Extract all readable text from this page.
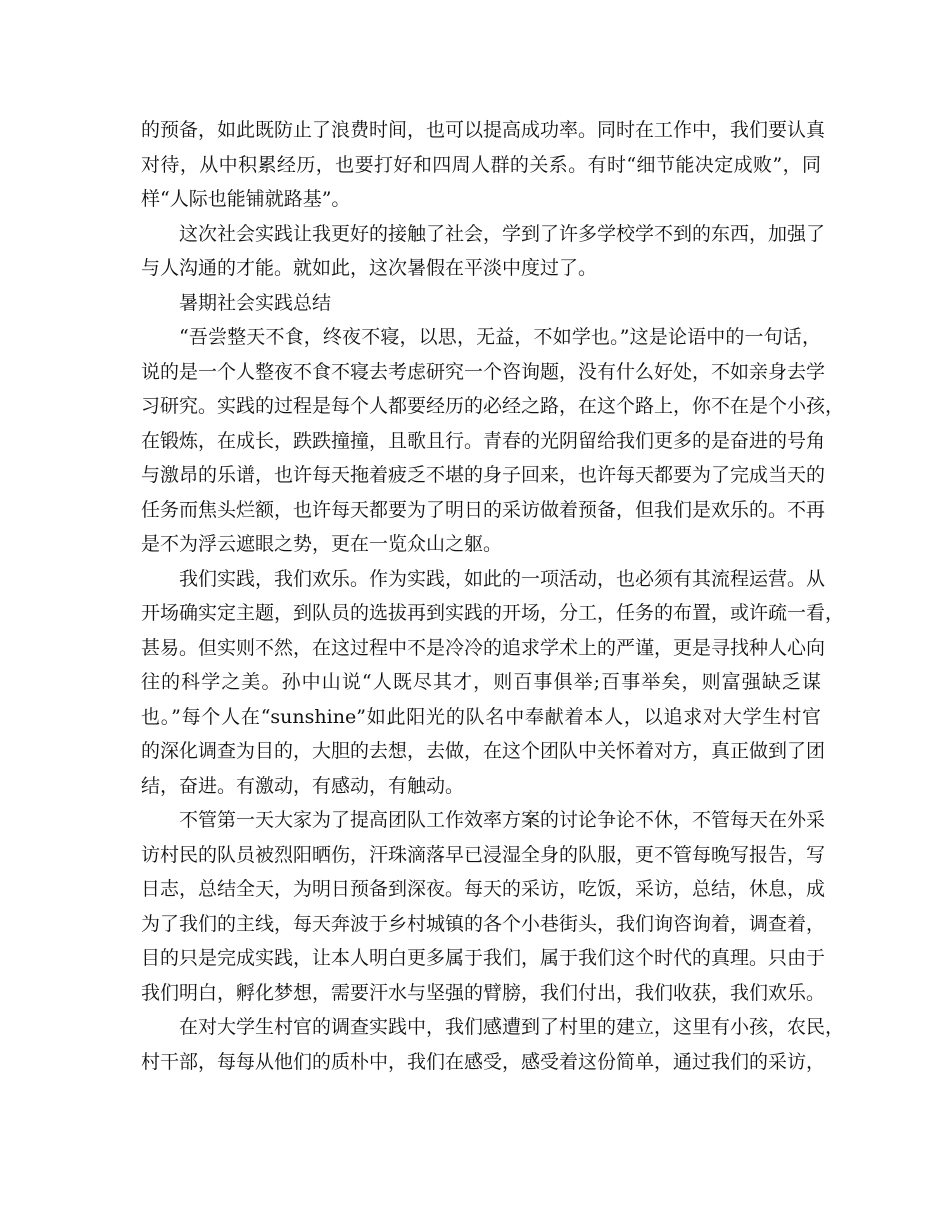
的预备，如此既防止了浪费时间，也可以提高成功率。同时在工作中，我们要认真
对待，从中积累经历，也要打好和四周人群的关系。有时“细节能决定成败”，同
样“人际也能铺就路基”。
这次社会实践让我更好的接触了社会，学到了许多学校学不到的东西，加强了
与人沟通的才能。就如此，这次暑假在平淡中度过了。
暑期社会实践总结
“吾尝整天不食，终夜不寝，以思，无益，不如学也。”这是论语中的一句话，
说的是一个人整夜不食不寝去考虑研究一个咨询题，没有什么好处，不如亲身去学
习研究。实践的过程是每个人都要经历的必经之路，在这个路上，你不在是个小孩，
在锻炼，在成长，跌跌撞撞，且歌且行。青春的光阴留给我们更多的是奋进的号角
与激昂的乐谱，也许每天拖着疲乏不堪的身子回来，也许每天都要为了完成当天的
任务而焦头烂额，也许每天都要为了明日的采访做着预备，但我们是欢乐的。不再
是不为浮云遮眼之势，更在一览众山之躯。
我们实践，我们欢乐。作为实践，如此的一项活动，也必须有其流程运营。从
开场确实定主题，到队员的选拔再到实践的开场，分工，任务的布置，或许疏一看，
甚易。但实则不然，在这过程中不是冷冷的追求学术上的严谨，更是寻找种人心向
往的科学之美。孙中山说“人既尽其才，则百事俱举;百事举矣，则富强缺乏谋
也。”每个人在“sunshine”如此阳光的队名中奉献着本人，以追求对大学生村官
的深化调查为目的，大胆的去想，去做，在这个团队中关怀着对方，真正做到了团
结，奋进。有激动，有感动，有触动。
不管第一天大家为了提高团队工作效率方案的讨论争论不休，不管每天在外采
访村民的队员被烈阳晒伤，汗珠滴落早已浸湿全身的队服，更不管每晚写报告，写
日志，总结全天，为明日预备到深夜。每天的采访，吃饭，采访，总结，休息，成
为了我们的主线，每天奔波于乡村城镇的各个小巷街头，我们询咨询着，调查着，
目的只是完成实践，让本人明白更多属于我们，属于我们这个时代的真理。只由于
我们明白，孵化梦想，需要汗水与坚强的臂膀，我们付出，我们收获，我们欢乐。
在对大学生村官的调查实践中，我们感遭到了村里的建立，这里有小孩，农民，
村干部，每每从他们的质朴中，我们在感受，感受着这份简单，通过我们的采访，
